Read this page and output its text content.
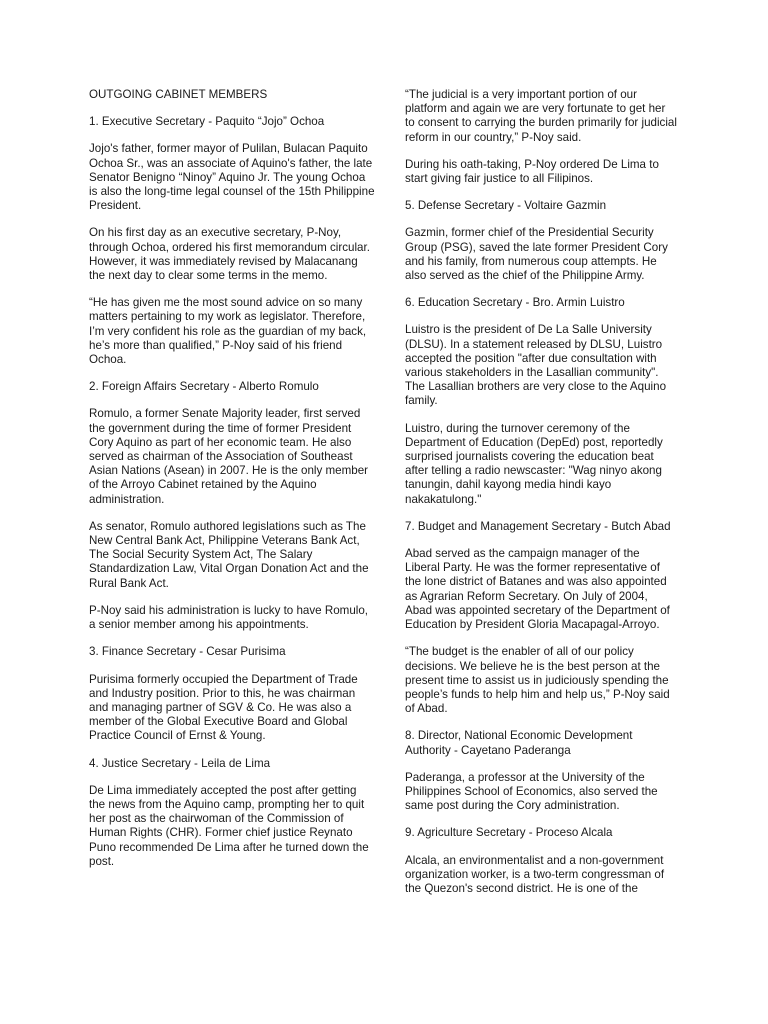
OUTGOING CABINET MEMBERS

1. Executive Secretary - Paquito “Jojo” Ochoa

Jojo's father, former mayor of Pulilan, Bulacan Paquito Ochoa Sr., was an associate of Aquino's father, the late Senator Benigno “Ninoy” Aquino Jr. The young Ochoa is also the long-time legal counsel of the 15th Philippine President.

On his first day as an executive secretary, P-Noy, through Ochoa, ordered his first memorandum circular. However, it was immediately revised by Malacanang the next day to clear some terms in the memo.

“He has given me the most sound advice on so many matters pertaining to my work as legislator. Therefore, I’m very confident his role as the guardian of my back, he’s more than qualified,” P-Noy said of his friend Ochoa.

2. Foreign Affairs Secretary - Alberto Romulo

Romulo, a former Senate Majority leader, first served the government during the time of former President Cory Aquino as part of her economic team. He also served as chairman of the Association of Southeast Asian Nations (Asean) in 2007. He is the only member of the Arroyo Cabinet retained by the Aquino administration.

As senator, Romulo authored legislations such as The New Central Bank Act, Philippine Veterans Bank Act, The Social Security System Act, The Salary Standardization Law, Vital Organ Donation Act and the Rural Bank Act.

P-Noy said his administration is lucky to have Romulo, a senior member among his appointments.

3. Finance Secretary - Cesar Purisima

Purisima formerly occupied the Department of Trade and Industry position. Prior to this, he was chairman and managing partner of SGV & Co. He was also a member of the Global Executive Board and Global Practice Council of Ernst & Young.

4. Justice Secretary - Leila de Lima

De Lima immediately accepted the post after getting the news from the Aquino camp, prompting her to quit her post as the chairwoman of the Commission of Human Rights (CHR). Former chief justice Reynato Puno recommended De Lima after he turned down the post.

“The judicial is a very important portion of our platform and again we are very fortunate to get her to consent to carrying the burden primarily for judicial reform in our country,” P-Noy said.

During his oath-taking, P-Noy ordered De Lima to start giving fair justice to all Filipinos.

5. Defense Secretary - Voltaire Gazmin

Gazmin, former chief of the Presidential Security Group (PSG), saved the late former President Cory and his family, from numerous coup attempts. He also served as the chief of the Philippine Army.

6. Education Secretary - Bro. Armin Luistro

Luistro is the president of De La Salle University (DLSU). In a statement released by DLSU, Luistro accepted the position "after due consultation with various stakeholders in the Lasallian community". The Lasallian brothers are very close to the Aquino family.

Luistro, during the turnover ceremony of the Department of Education (DepEd) post, reportedly surprised journalists covering the education beat after telling a radio newscaster: "Wag ninyo akong tanungin, dahil kayong media hindi kayo nakakatulong."

7. Budget and Management Secretary - Butch Abad

Abad served as the campaign manager of the Liberal Party. He was the former representative of the lone district of Batanes and was also appointed as Agrarian Reform Secretary. On July of 2004, Abad was appointed secretary of the Department of Education by President Gloria Macapagal-Arroyo.

“The budget is the enabler of all of our policy decisions. We believe he is the best person at the present time to assist us in judiciously spending the people’s funds to help him and help us,” P-Noy said of Abad.

8. Director, National Economic Development Authority - Cayetano Paderanga

Paderanga, a professor at the University of the Philippines School of Economics, also served the same post during the Cory administration.

9. Agriculture Secretary - Proceso Alcala

Alcala, an environmentalist and a non-government organization worker, is a two-term congressman of the Quezon's second district. He is one of the
